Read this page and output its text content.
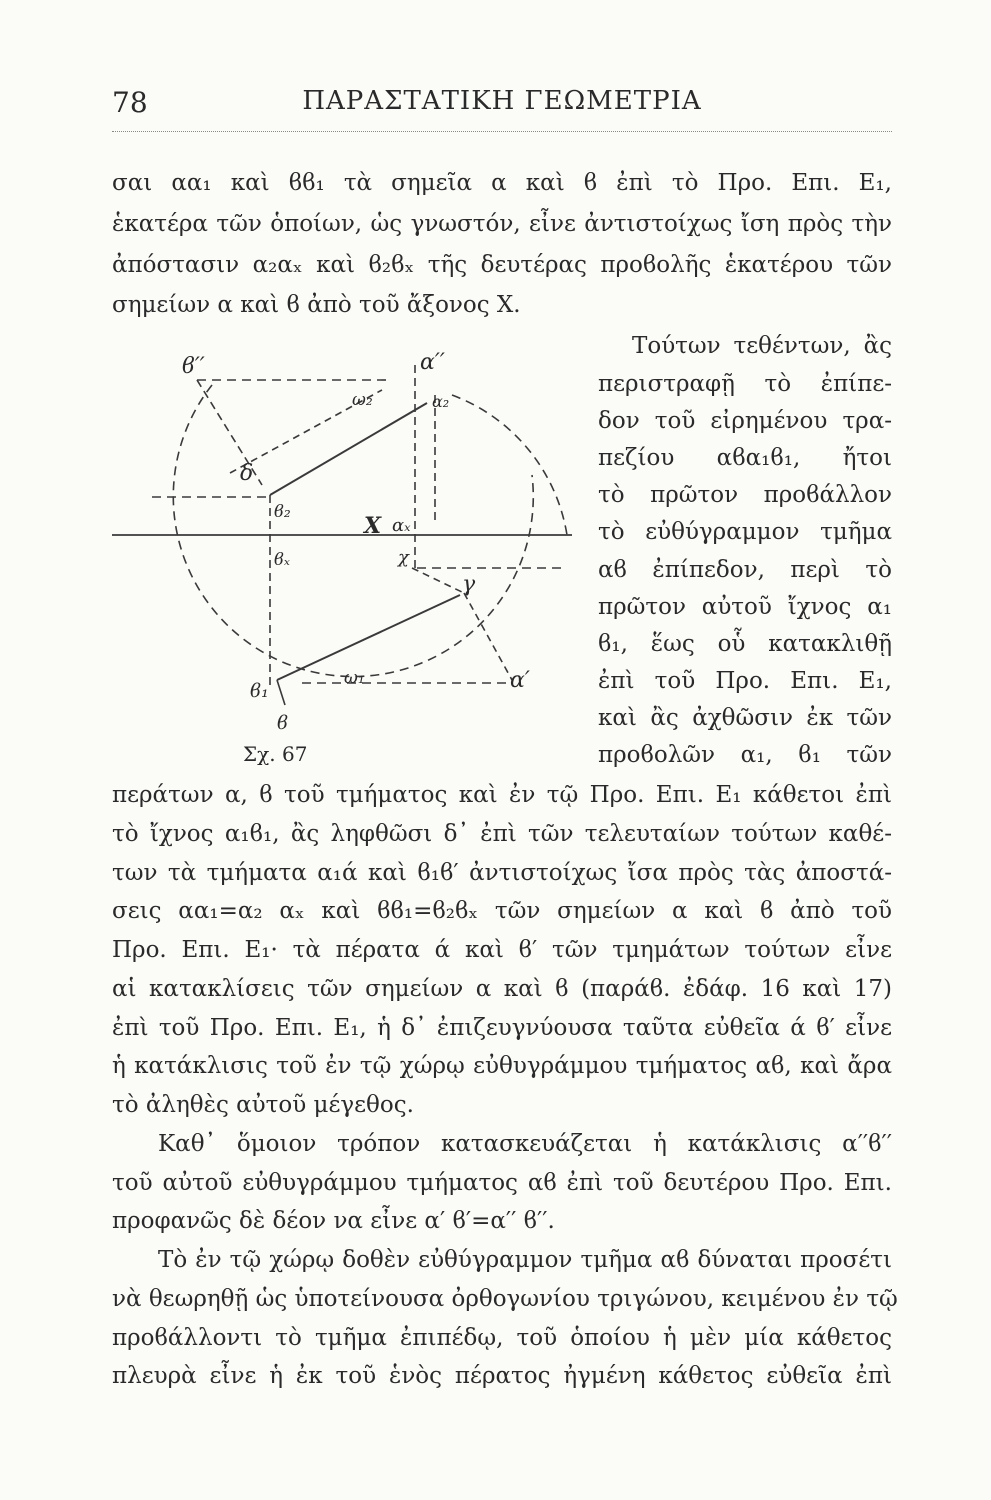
78	ΠΑΡΑΣΤΑΤΙΚΗ ΓΕΩΜΕΤΡΙΑ
σαι αα₁ καὶ ϐϐ₁ τὰ σημεῖα α καὶ ϐ ἐπὶ τὸ Προ. Επι. Ε₁,
ἑκατέρα τῶν ὁποίων, ὡς γνωστόν, εἶνε ἀντιστοίχως ἴση πρὸς τὴν
ἀπόστασιν α₂αₓ καὶ ϐ₂ϐₓ τῆς δευτέρας προϐολῆς ἑκατέρου τῶν
σημείων α καὶ ϐ ἀπὸ τοῦ ἄξονος Χ.
ϐ′′	α′′
α₂
ω₂
δ
ϐ₂
Χ αₓ
ϐₓ	χ
γ
ω₁
ϐ₁	α′
ϐ
Τούτων τεθέντων, ἂς
περιστραφῇ τὸ ἐπίπε-
δον τοῦ εἰρημένου τρα-
πεζίου αϐα₁ϐ₁, ἤτοι
τὸ πρῶτον προϐάλλον
τὸ εὐθύγραμμον τμῆμα
αϐ ἐπίπεδον, περὶ τὸ
πρῶτον αὐτοῦ ἴχνος α₁
ϐ₁, ἕως οὗ κατακλιθῇ
ἐπὶ τοῦ Προ. Επι. Ε₁,
καὶ ἂς ἀχθῶσιν ἐκ τῶν
προϐολῶν α₁, ϐ₁ τῶν
Σχ. 67
περάτων α, ϐ τοῦ τμήματος καὶ ἐν τῷ Προ. Επι. Ε₁ κάθετοι ἐπὶ
τὸ ἴχνος α₁ϐ₁, ἂς ληφθῶσι δ᾿ ἐπὶ τῶν τελευταίων τούτων καθέ-
των τὰ τμήματα α₁ά καὶ ϐ₁ϐ′ ἀντιστοίχως ἴσα πρὸς τὰς ἀποστά-
σεις αα₁=α₂ αₓ καὶ ϐϐ₁=ϐ₂ϐₓ τῶν σημείων α καὶ ϐ ἀπὸ τοῦ
Προ. Επι. Ε₁· τὰ πέρατα ά καὶ ϐ′ τῶν τμημάτων τούτων εἶνε
αἱ κατακλίσεις τῶν σημείων α καὶ ϐ (παράϐ. ἐδάφ. 16 καὶ 17)
ἐπὶ τοῦ Προ. Επι. Ε₁, ἡ δ᾿ ἐπιζευγνύουσα ταῦτα εὐθεῖα ά ϐ′ εἶνε
ἡ κατάκλισις τοῦ ἐν τῷ χώρῳ εὐθυγράμμου τμήματος αϐ, καὶ ἄρα
τὸ ἀληθὲς αὐτοῦ μέγεθος.
Καθ᾿ ὅμοιον τρόπον κατασκευάζεται ἡ κατάκλισις α′′ϐ′′
τοῦ αὐτοῦ εὐθυγράμμου τμήματος αϐ ἐπὶ τοῦ δευτέρου Προ. Επι.
προφανῶς δὲ δέον να εἶνε α′ ϐ′=α′′ ϐ′′.
Τὸ ἐν τῷ χώρῳ δοθὲν εὐθύγραμμον τμῆμα αϐ δύναται προσέτι
νὰ θεωρηθῇ ὡς ὑποτείνουσα ὀρθογωνίου τριγώνου, κειμένου ἐν τῷ
προϐάλλοντι τὸ τμῆμα ἐπιπέδῳ, τοῦ ὁποίου ἡ μὲν μία κάθετος
πλευρὰ εἶνε ἡ ἐκ τοῦ ἑνὸς πέρατος ἠγμένη κάθετος εὐθεῖα ἐπὶ
